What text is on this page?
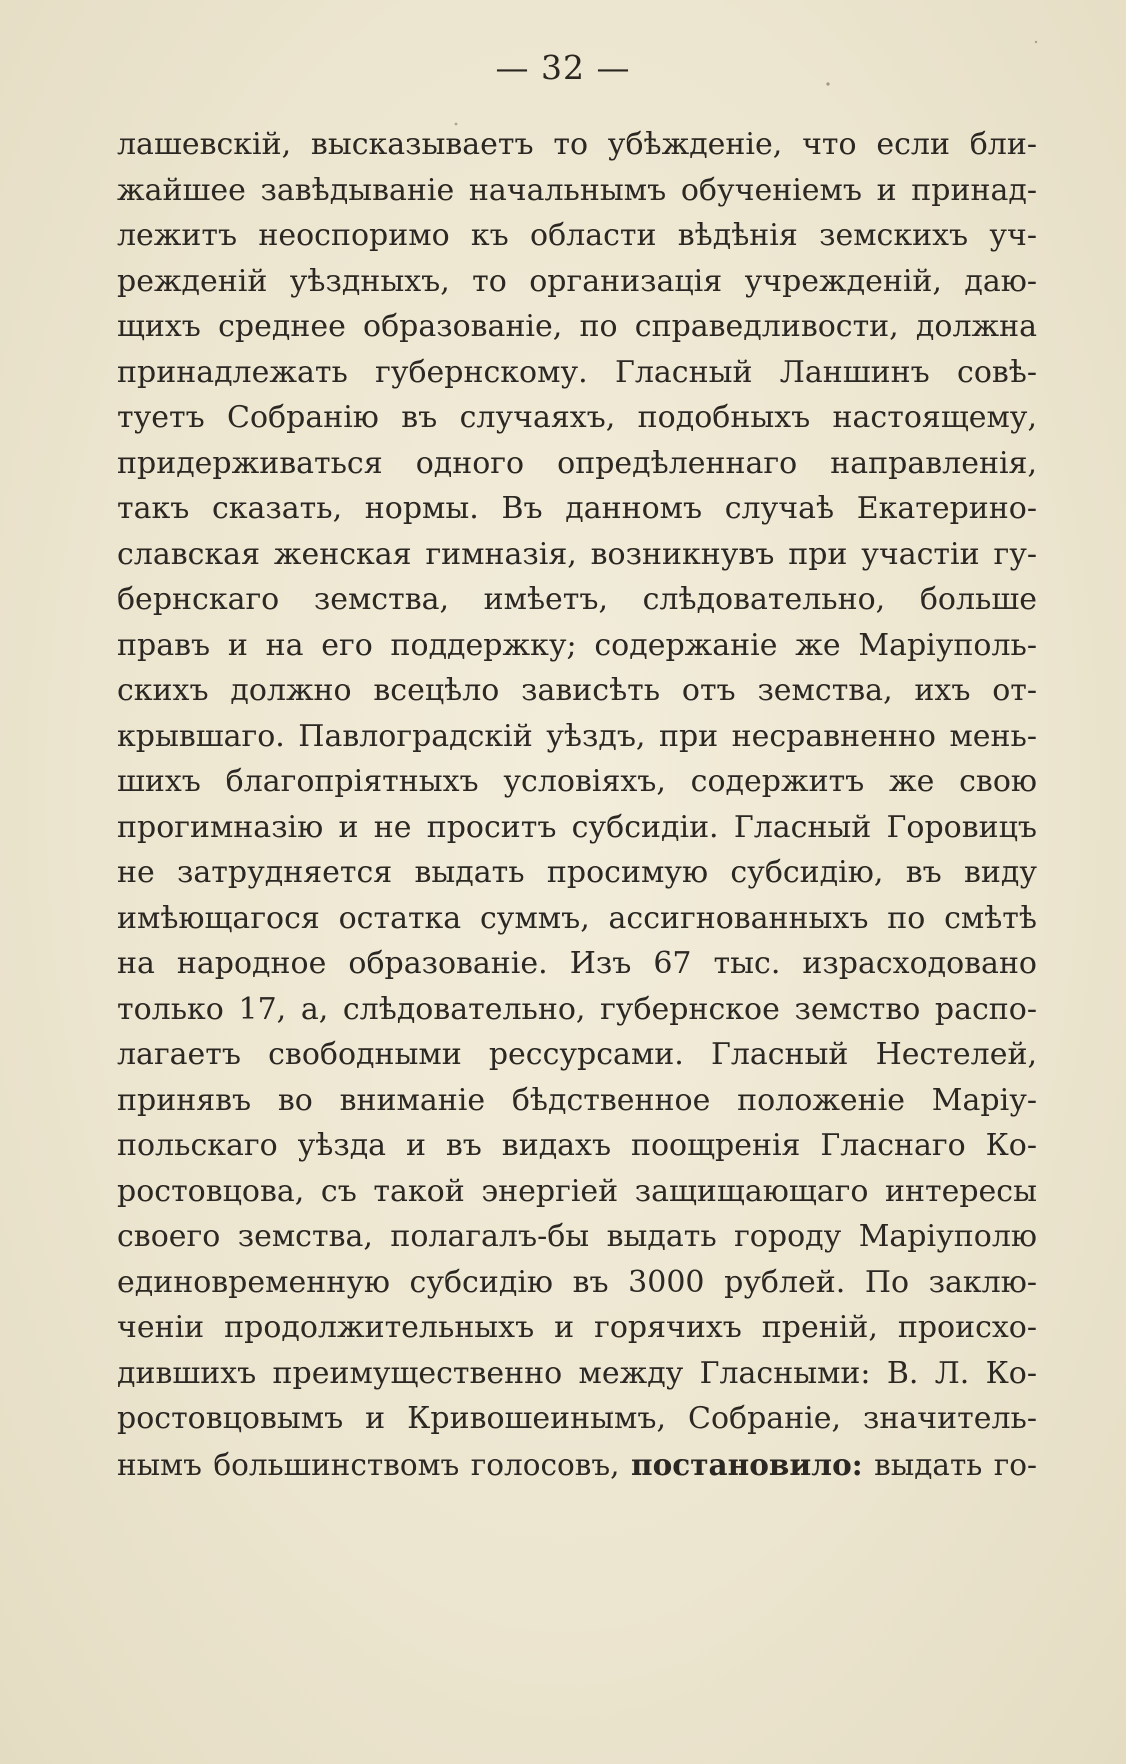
— 32 —
лашевскій, высказываетъ то убѣжденіе, что если бли-
жайшее завѣдываніе начальнымъ обученіемъ и принад-
лежитъ неоспоримо къ области вѣдѣнія земскихъ уч-
режденій уѣздныхъ, то организація учрежденій, даю-
щихъ среднее образованіе, по справедливости, должна
принадлежать губернскому. Гласный Ланшинъ совѣ-
туетъ Собранію въ случаяхъ, подобныхъ настоящему,
придерживаться одного опредѣленнаго направленія,
такъ сказать, нормы. Въ данномъ случаѣ Екатерино-
славская женская гимназія, возникнувъ при участіи гу-
бернскаго земства, имѣетъ, слѣдовательно, больше
правъ и на его поддержку; содержаніе же Маріуполь-
скихъ должно всецѣло зависѣть отъ земства, ихъ от-
крывшаго. Павлоградскій уѣздъ, при несравненно мень-
шихъ благопріятныхъ условіяхъ, содержитъ же свою
прогимназію и не проситъ субсидіи. Гласный Горовицъ
не затрудняется выдать просимую субсидію, въ виду
имѣющагося остатка суммъ, ассигнованныхъ по смѣтѣ
на народное образованіе. Изъ 67 тыс. израсходовано
только 17, а, слѣдовательно, губернское земство распо-
лагаетъ свободными рессурсами. Гласный Нестелей,
принявъ во вниманіе бѣдственное положеніе Маріу-
польскаго уѣзда и въ видахъ поощренія Гласнаго Ко-
ростовцова, съ такой энергіей защищающаго интересы
своего земства, полагалъ-бы выдать городу Маріуполю
единовременную субсидію въ 3000 рублей. По заклю-
ченіи продолжительныхъ и горячихъ преній, происхо-
дившихъ преимущественно между Гласными: В. Л. Ко-
ростовцовымъ и Кривошеинымъ, Собраніе, значитель-
нымъ большинствомъ голосовъ, постановило: выдать го-
